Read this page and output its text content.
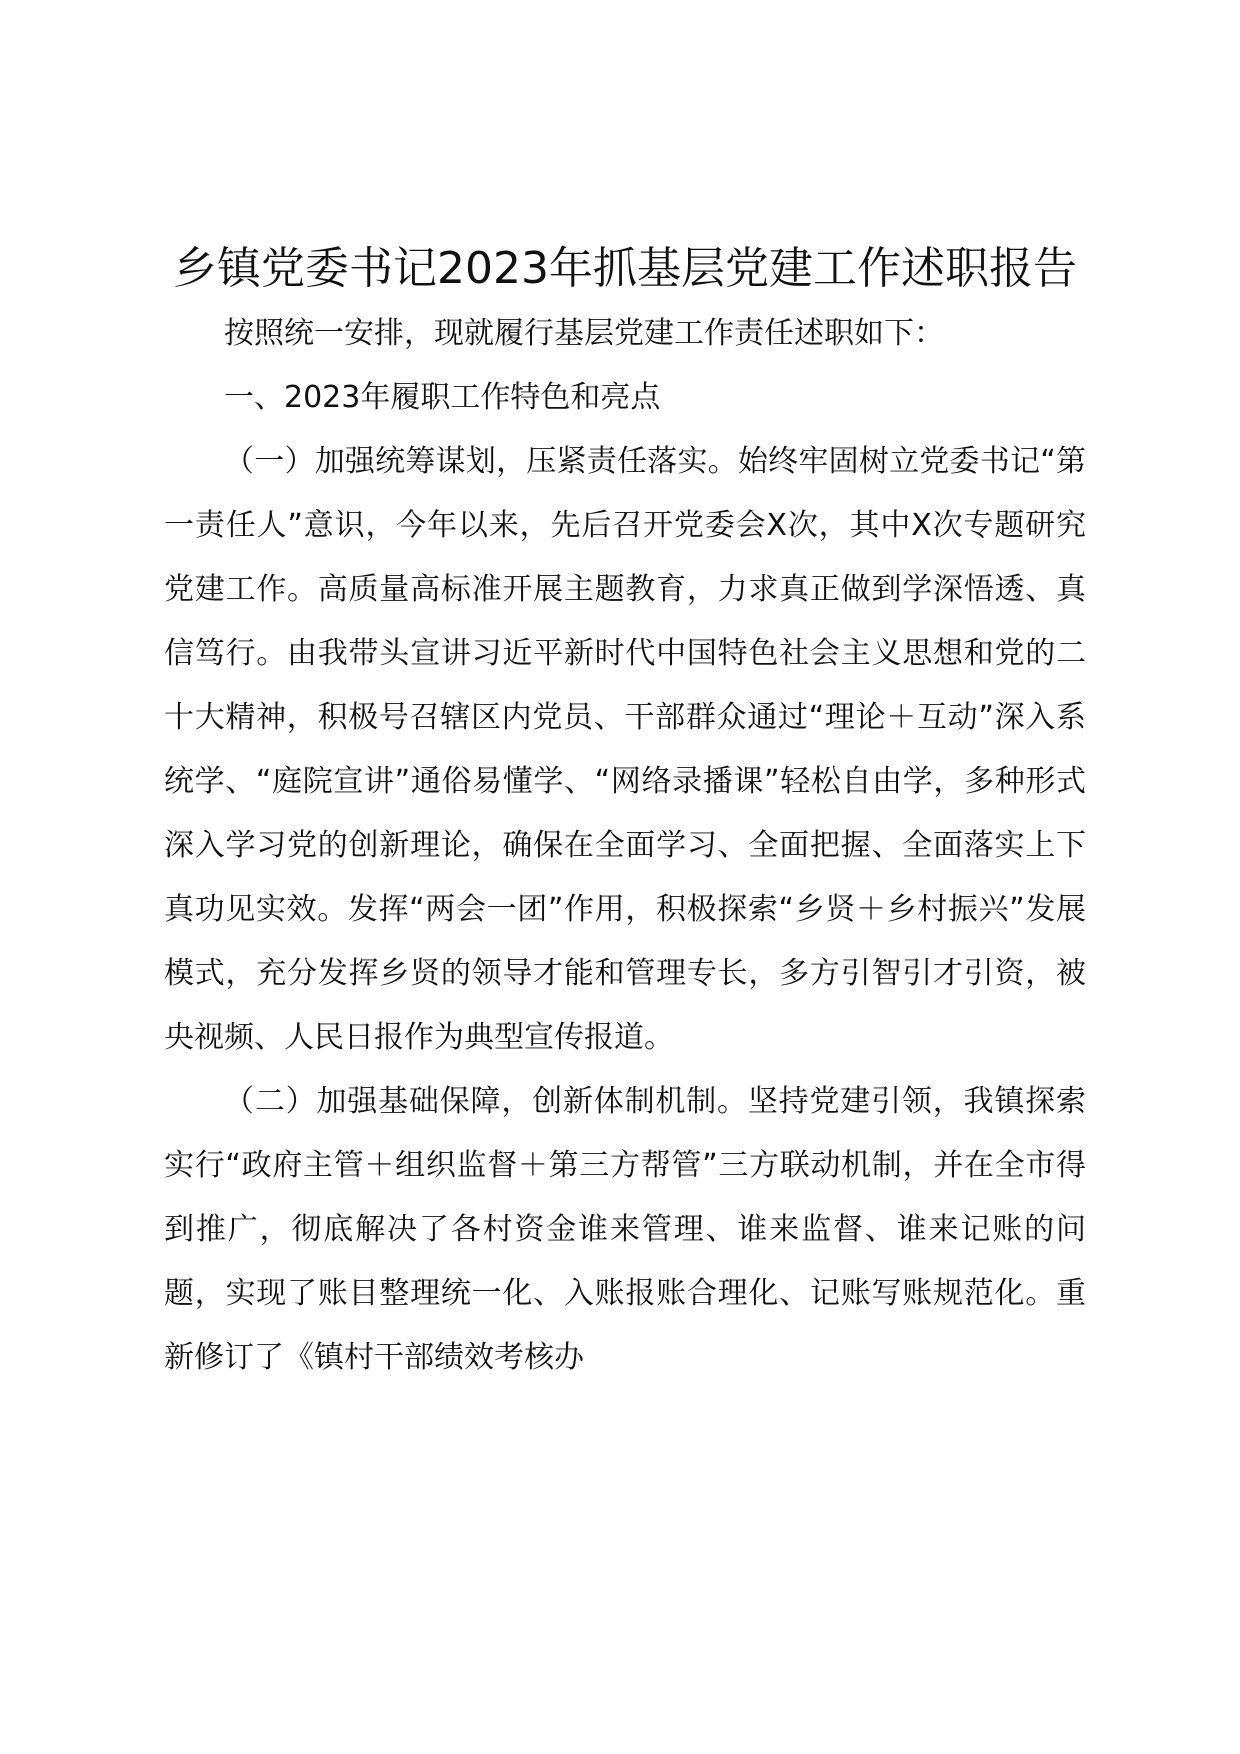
乡镇党委书记2023年抓基层党建工作述职报告

按照统一安排，现就履行基层党建工作责任述职如下：

一、2023年履职工作特色和亮点

（一）加强统筹谋划，压紧责任落实。始终牢固树立党委书记“第一责任人”意识，今年以来，先后召开党委会X次，其中X次专题研究党建工作。高质量高标准开展主题教育，力求真正做到学深悟透、真信笃行。由我带头宣讲习近平新时代中国特色社会主义思想和党的二十大精神，积极号召辖区内党员、干部群众通过“理论＋互动”深入系统学、“庭院宣讲”通俗易懂学、“网络录播课”轻松自由学，多种形式深入学习党的创新理论，确保在全面学习、全面把握、全面落实上下真功见实效。发挥“两会一团”作用，积极探索“乡贤＋乡村振兴”发展模式，充分发挥乡贤的领导才能和管理专长，多方引智引才引资，被央视频、人民日报作为典型宣传报道。

（二）加强基础保障，创新体制机制。坚持党建引领，我镇探索实行“政府主管＋组织监督＋第三方帮管”三方联动机制，并在全市得到推广，彻底解决了各村资金谁来管理、谁来监督、谁来记账的问题，实现了账目整理统一化、入账报账合理化、记账写账规范化。重新修订了《镇村干部绩效考核办
